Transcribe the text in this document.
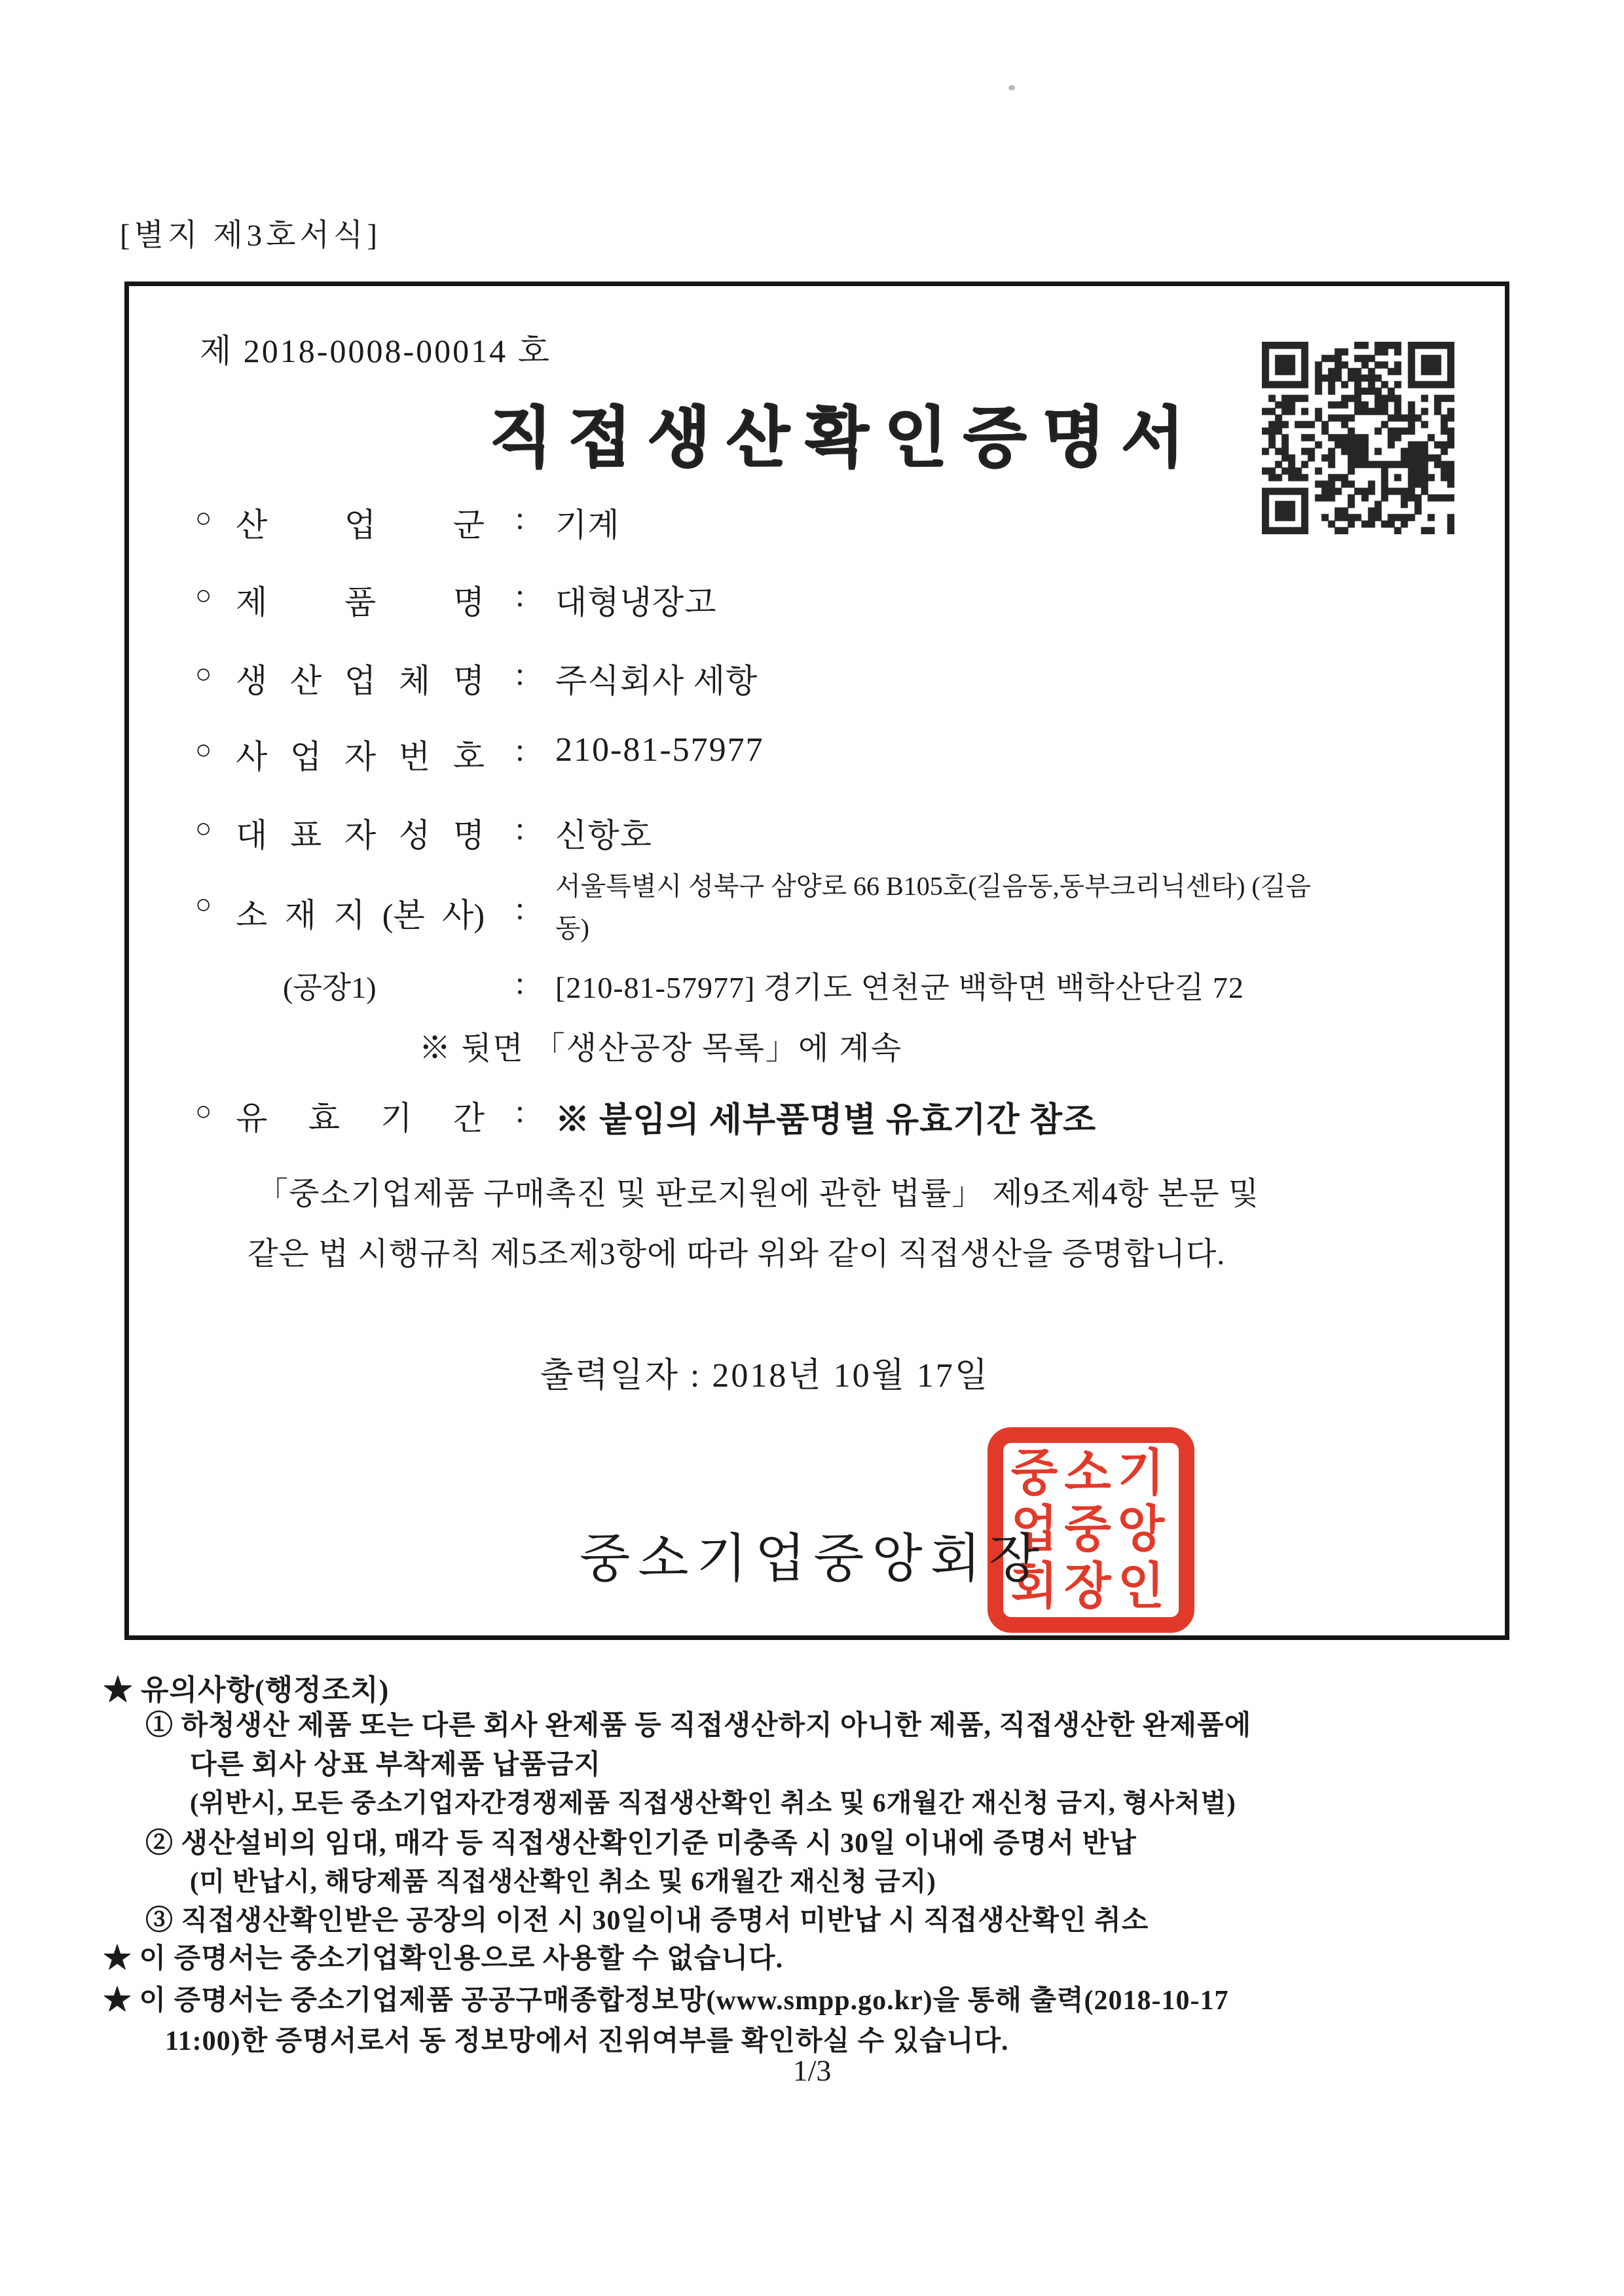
[별지 제3호서식]
제 2018-0008-00014 호
직접생산확인증명서
○ 산 업 군 : 기계
○ 제 품 명 : 대형냉장고
○ 생 산 업 체 명 : 주식회사 세항
○ 사 업 자 번 호 : 210-81-57977
○ 대 표 자 성 명 : 신항호
○ 소 재 지 (본 사) :
서울특별시 성북구 삼양로 66 B105호(길음동,동부크리닉센타) (길음
동)
(공장1)	:	[210-81-57977] 경기도 연천군 백학면 백학산단길 72
※ 뒷면 「생산공장 목록」에 계속
○ 유 효 기 간 : ※ 붙임의 세부품명별 유효기간 참조
「중소기업제품 구매촉진 및 판로지원에 관한 법률」 제9조제4항 본문 및
같은 법 시행규칙 제5조제3항에 따라 위와 같이 직접생산을 증명합니다.
출력일자 : 2018년 10월 17일
중소기업중앙회장
중소기
업중앙
회장인
★ 유의사항(행정조치)
① 하청생산 제품 또는 다른 회사 완제품 등 직접생산하지 아니한 제품, 직접생산한 완제품에
다른 회사 상표 부착제품 납품금지
(위반시, 모든 중소기업자간경쟁제품 직접생산확인 취소 및 6개월간 재신청 금지, 형사처벌)
② 생산설비의 임대, 매각 등 직접생산확인기준 미충족 시 30일 이내에 증명서 반납
(미 반납시, 해당제품 직접생산확인 취소 및 6개월간 재신청 금지)
③ 직접생산확인받은 공장의 이전 시 30일이내 증명서 미반납 시 직접생산확인 취소
★ 이 증명서는 중소기업확인용으로 사용할 수 없습니다.
★ 이 증명서는 중소기업제품 공공구매종합정보망(www.smpp.go.kr)을 통해 출력(2018-10-17
11:00)한 증명서로서 동 정보망에서 진위여부를 확인하실 수 있습니다.
1/3
